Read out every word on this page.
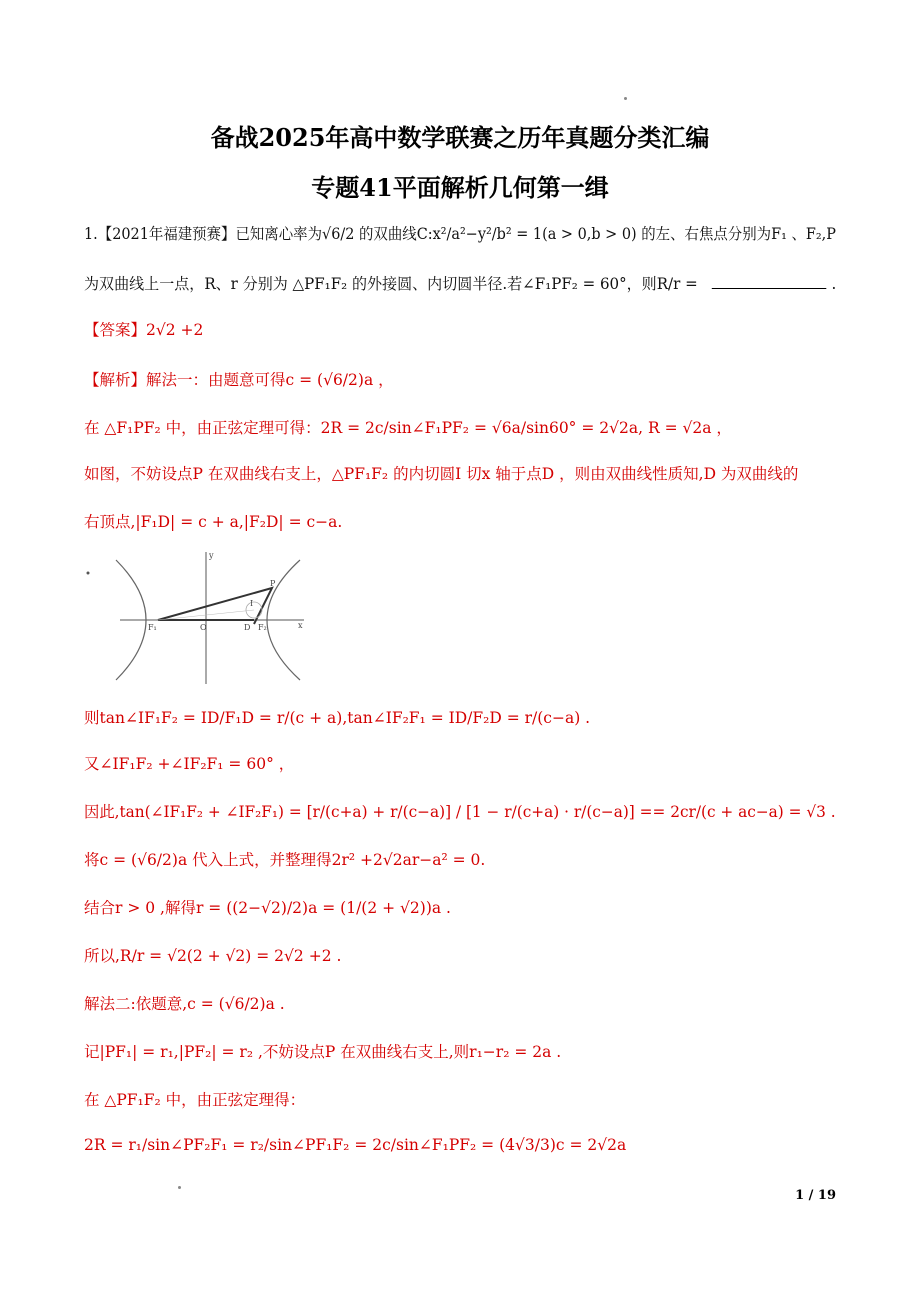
备战2025年高中数学联赛之历年真题分类汇编
专题41平面解析几何第一缉
1.【2021年福建预赛】已知离心率为√6/2 的双曲线C:x²/a²−y²/b² = 1(a > 0,b > 0) 的左、右焦点分别为F₁ 、F₂,P
为双曲线上一点，R、r 分别为 △PF₁F₂ 的外接圆、内切圆半径.若∠F₁PF₂ = 60°，则R/r =	.
【答案】2√2 +2
【解析】解法一：由题意可得c = (√6/2)a ，
在 △F₁PF₂ 中，由正弦定理可得：2R = 2c/sin∠F₁PF₂ = √6a/sin60° = 2√2a, R = √2a ，
如图，不妨设点P 在双曲线右支上，△PF₁F₂ 的内切圆I 切x 轴于点D ，则由双曲线性质知,D 为双曲线的
右顶点,|F₁D| = c + a,|F₂D| = c−a.
y
x
P
O
F₁	F₂
D
I
则tan∠IF₁F₂ = ID/F₁D = r/(c + a),tan∠IF₂F₁ = ID/F₂D = r/(c−a) .
又∠IF₁F₂ +∠IF₂F₁ = 60° ，
因此,tan(∠IF₁F₂ + ∠IF₂F₁) = [r/(c+a) + r/(c−a)] / [1 − r/(c+a) · r/(c−a)] == 2cr/(c + ac−a) = √3 .
将c = (√6/2)a 代入上式，并整理得2r² +2√2ar−a² = 0.
结合r > 0 ,解得r = ((2−√2)/2)a = (1/(2 + √2))a .
所以,R/r = √2(2 + √2) = 2√2 +2 .
解法二:依题意,c = (√6/2)a .
记|PF₁| = r₁,|PF₂| = r₂ ,不妨设点P 在双曲线右支上,则r₁−r₂ = 2a .
在 △PF₁F₂ 中，由正弦定理得：
2R = r₁/sin∠PF₂F₁ = r₂/sin∠PF₁F₂ = 2c/sin∠F₁PF₂ = (4√3/3)c = 2√2a
1 / 19
